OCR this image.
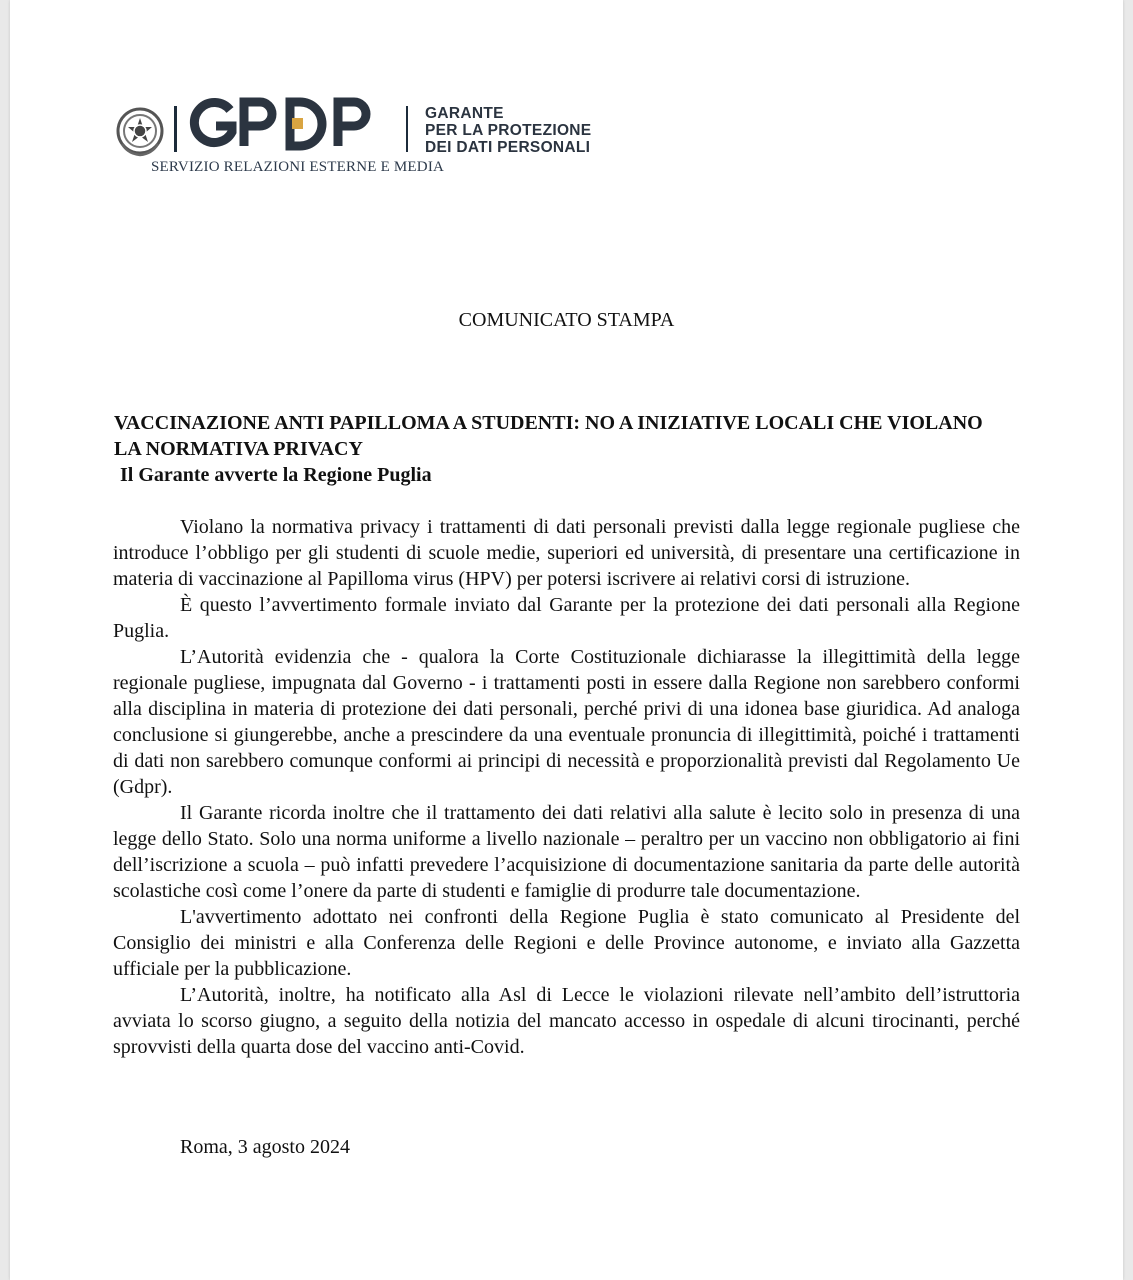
GARANTE
PER LA PROTEZIONE
DEI DATI PERSONALI
SERVIZIO RELAZIONI ESTERNE E MEDIA
COMUNICATO STAMPA
VACCINAZIONE ANTI PAPILLOMA A STUDENTI: NO A INIZIATIVE LOCALI CHE VIOLANO LA NORMATIVA PRIVACY
Il Garante avverte la Regione Puglia

Violano la normativa privacy i trattamenti di dati personali previsti dalla legge regionale pugliese che introduce l’obbligo per gli studenti di scuole medie, superiori ed università, di presentare una certificazione in materia di vaccinazione al Papilloma virus (HPV) per potersi iscrivere ai relativi corsi di istruzione.

È questo l’avvertimento formale inviato dal Garante per la protezione dei dati personali alla Regione Puglia.

L’Autorità evidenzia che - qualora la Corte Costituzionale dichiarasse la illegittimità della legge regionale pugliese, impugnata dal Governo - i trattamenti posti in essere dalla Regione non sarebbero conformi alla disciplina in materia di protezione dei dati personali, perché privi di una idonea base giuridica. Ad analoga conclusione si giungerebbe, anche a prescindere da una eventuale pronuncia di illegittimità, poiché i trattamenti di dati non sarebbero comunque conformi ai principi di necessità e proporzionalità previsti dal Regolamento Ue (Gdpr).

Il Garante ricorda inoltre che il trattamento dei dati relativi alla salute è lecito solo in presenza di una legge dello Stato. Solo una norma uniforme a livello nazionale – peraltro per un vaccino non obbligatorio ai fini dell’iscrizione a scuola – può infatti prevedere l’acquisizione di documentazione sanitaria da parte delle autorità scolastiche così come l’onere da parte di studenti e famiglie di produrre tale documentazione.

L'avvertimento adottato nei confronti della Regione Puglia è stato comunicato al Presidente del Consiglio dei ministri e alla Conferenza delle Regioni e delle Province autonome, e inviato alla Gazzetta ufficiale per la pubblicazione.

L’Autorità, inoltre, ha notificato alla Asl di Lecce le violazioni rilevate nell’ambito dell’istruttoria avviata lo scorso giugno, a seguito della notizia del mancato accesso in ospedale di alcuni tirocinanti, perché sprovvisti della quarta dose del vaccino anti-Covid.

Roma, 3 agosto 2024
